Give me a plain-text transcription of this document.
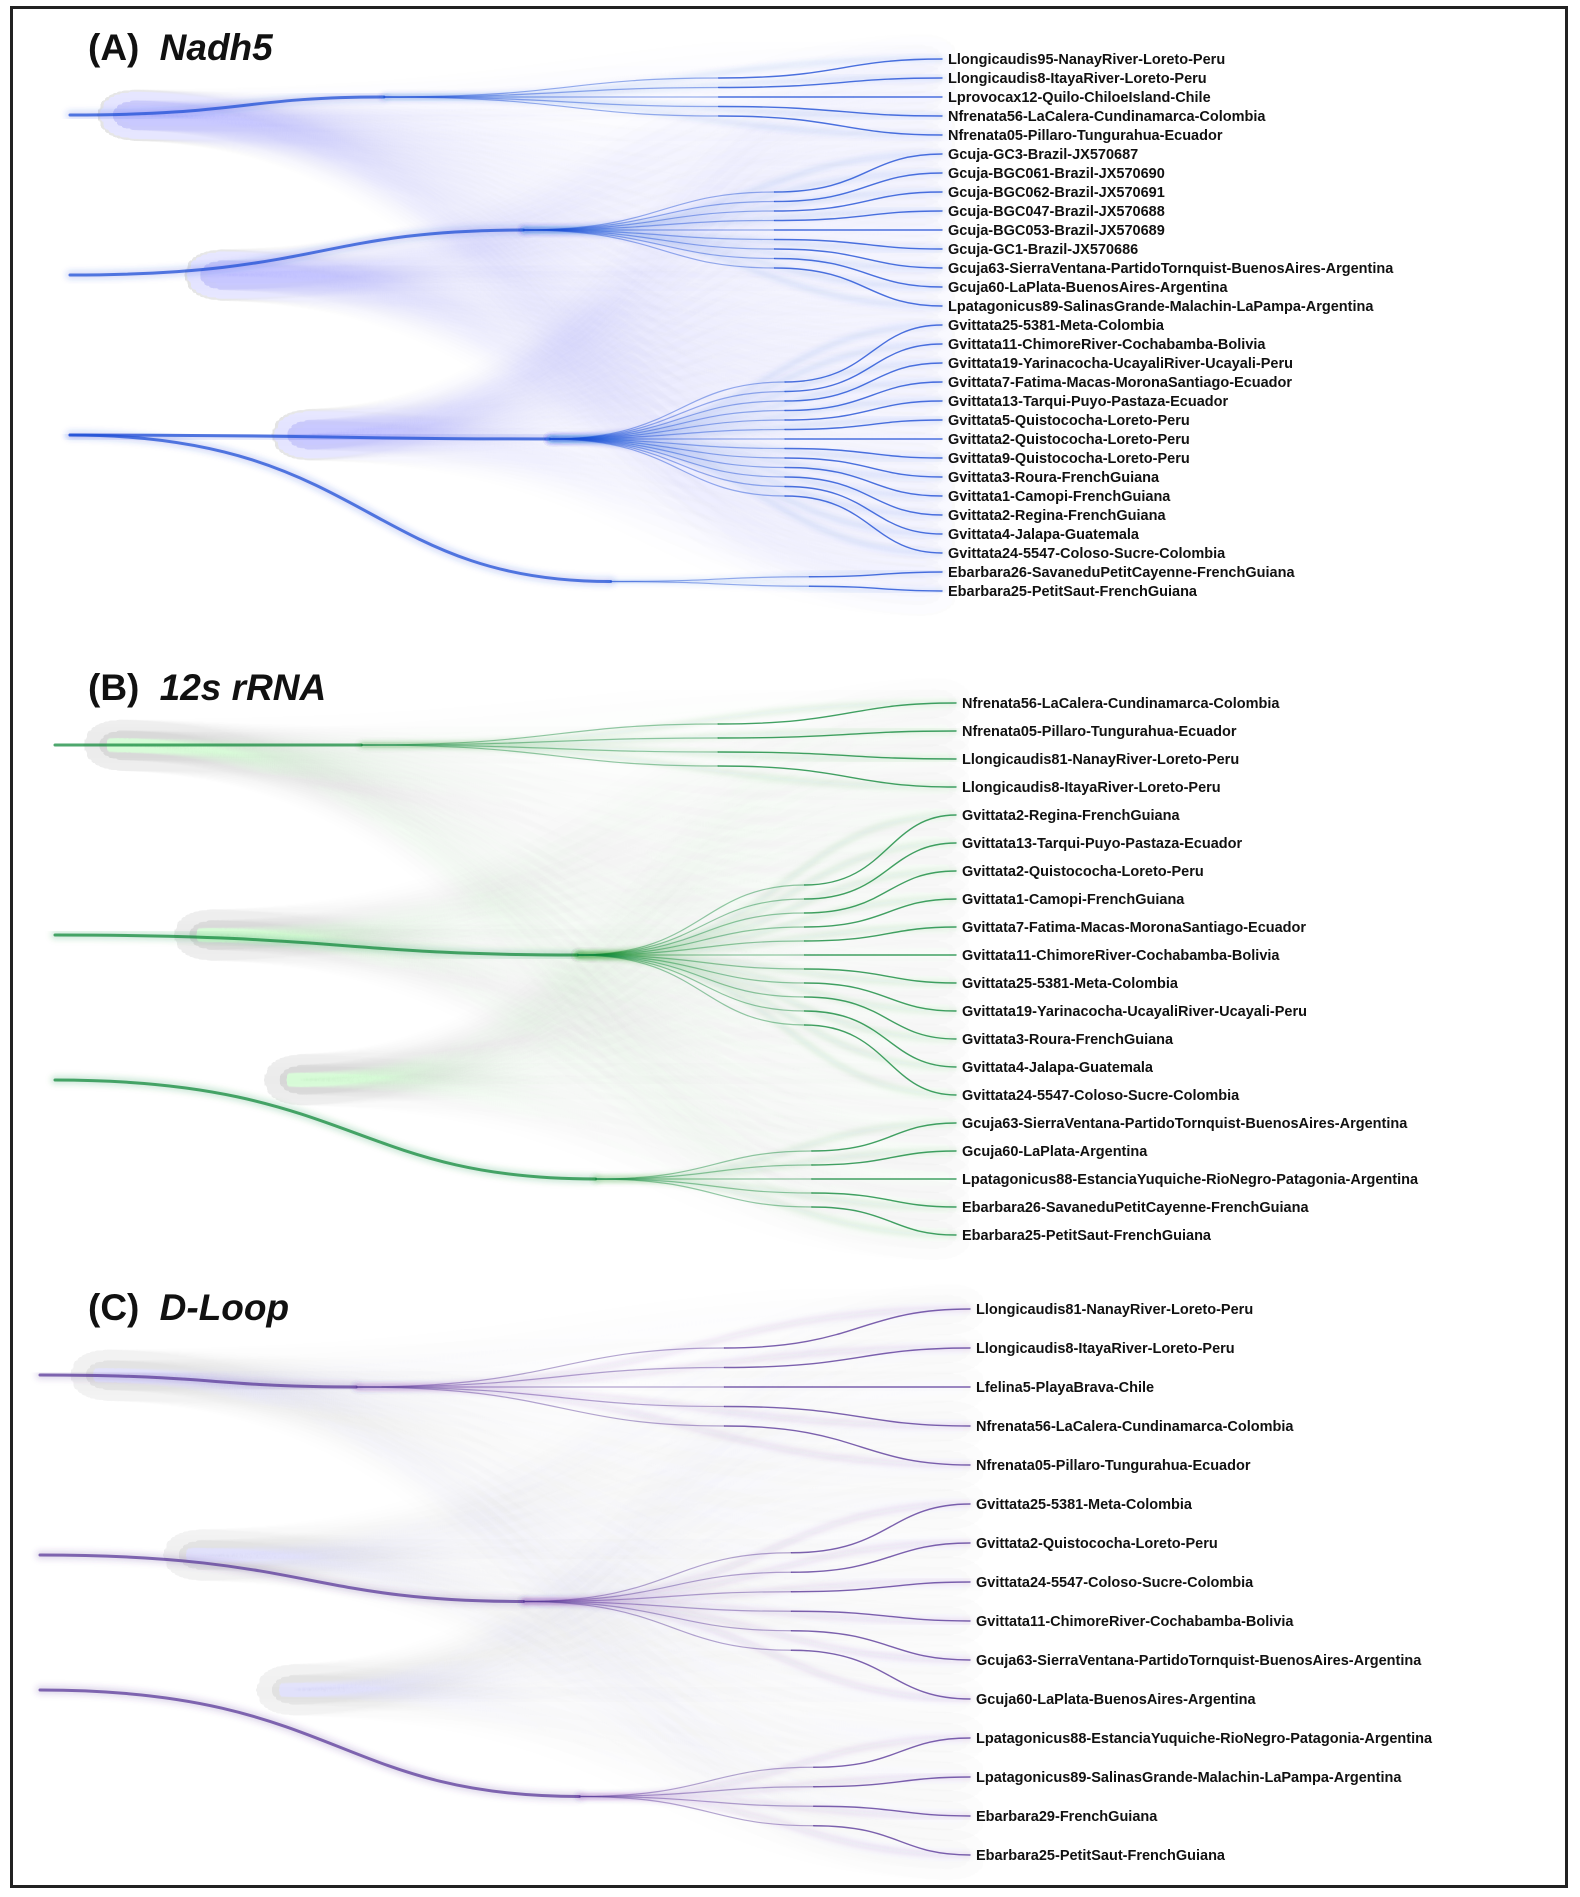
(A) Nadh5	Llongicaudis95-NanayRiver-Loreto-Peru
Llongicaudis8-ItayaRiver-Loreto-Peru
Lprovocax12-Quilo-ChiloeIsland-Chile
Nfrenata56-LaCalera-Cundinamarca-Colombia
Nfrenata05-Pillaro-Tungurahua-Ecuador
Gcuja-GC3-Brazil-JX570687
Gcuja-BGC061-Brazil-JX570690
Gcuja-BGC062-Brazil-JX570691
Gcuja-BGC047-Brazil-JX570688
Gcuja-BGC053-Brazil-JX570689
Gcuja-GC1-Brazil-JX570686
Gcuja63-SierraVentana-PartidoTornquist-BuenosAires-Argentina
Gcuja60-LaPlata-BuenosAires-Argentina
Lpatagonicus89-SalinasGrande-Malachin-LaPampa-Argentina
Gvittata25-5381-Meta-Colombia
Gvittata11-ChimoreRiver-Cochabamba-Bolivia
Gvittata19-Yarinacocha-UcayaliRiver-Ucayali-Peru
Gvittata7-Fatima-Macas-MoronaSantiago-Ecuador
Gvittata13-Tarqui-Puyo-Pastaza-Ecuador
Gvittata5-Quistococha-Loreto-Peru
Gvittata2-Quistococha-Loreto-Peru
Gvittata9-Quistococha-Loreto-Peru
Gvittata3-Roura-FrenchGuiana
Gvittata1-Camopi-FrenchGuiana
Gvittata2-Regina-FrenchGuiana
Gvittata4-Jalapa-Guatemala
Gvittata24-5547-Coloso-Sucre-Colombia
Ebarbara26-SavaneduPetitCayenne-FrenchGuiana
Ebarbara25-PetitSaut-FrenchGuiana
(B) 12s rRNA	Nfrenata56-LaCalera-Cundinamarca-Colombia
Nfrenata05-Pillaro-Tungurahua-Ecuador
Llongicaudis81-NanayRiver-Loreto-Peru
Llongicaudis8-ItayaRiver-Loreto-Peru
Gvittata2-Regina-FrenchGuiana
Gvittata13-Tarqui-Puyo-Pastaza-Ecuador
Gvittata2-Quistococha-Loreto-Peru
Gvittata1-Camopi-FrenchGuiana
Gvittata7-Fatima-Macas-MoronaSantiago-Ecuador
Gvittata11-ChimoreRiver-Cochabamba-Bolivia
Gvittata25-5381-Meta-Colombia
Gvittata19-Yarinacocha-UcayaliRiver-Ucayali-Peru
Gvittata3-Roura-FrenchGuiana
Gvittata4-Jalapa-Guatemala
Gvittata24-5547-Coloso-Sucre-Colombia
Gcuja63-SierraVentana-PartidoTornquist-BuenosAires-Argentina
Gcuja60-LaPlata-Argentina
Lpatagonicus88-EstanciaYuquiche-RioNegro-Patagonia-Argentina
Ebarbara26-SavaneduPetitCayenne-FrenchGuiana
Ebarbara25-PetitSaut-FrenchGuiana
(C) D-Loop	Llongicaudis81-NanayRiver-Loreto-Peru
Llongicaudis8-ItayaRiver-Loreto-Peru
Lfelina5-PlayaBrava-Chile
Nfrenata56-LaCalera-Cundinamarca-Colombia
Nfrenata05-Pillaro-Tungurahua-Ecuador
Gvittata25-5381-Meta-Colombia
Gvittata2-Quistococha-Loreto-Peru
Gvittata24-5547-Coloso-Sucre-Colombia
Gvittata11-ChimoreRiver-Cochabamba-Bolivia
Gcuja63-SierraVentana-PartidoTornquist-BuenosAires-Argentina
Gcuja60-LaPlata-BuenosAires-Argentina
Lpatagonicus88-EstanciaYuquiche-RioNegro-Patagonia-Argentina
Lpatagonicus89-SalinasGrande-Malachin-LaPampa-Argentina
Ebarbara29-FrenchGuiana
Ebarbara25-PetitSaut-FrenchGuiana
